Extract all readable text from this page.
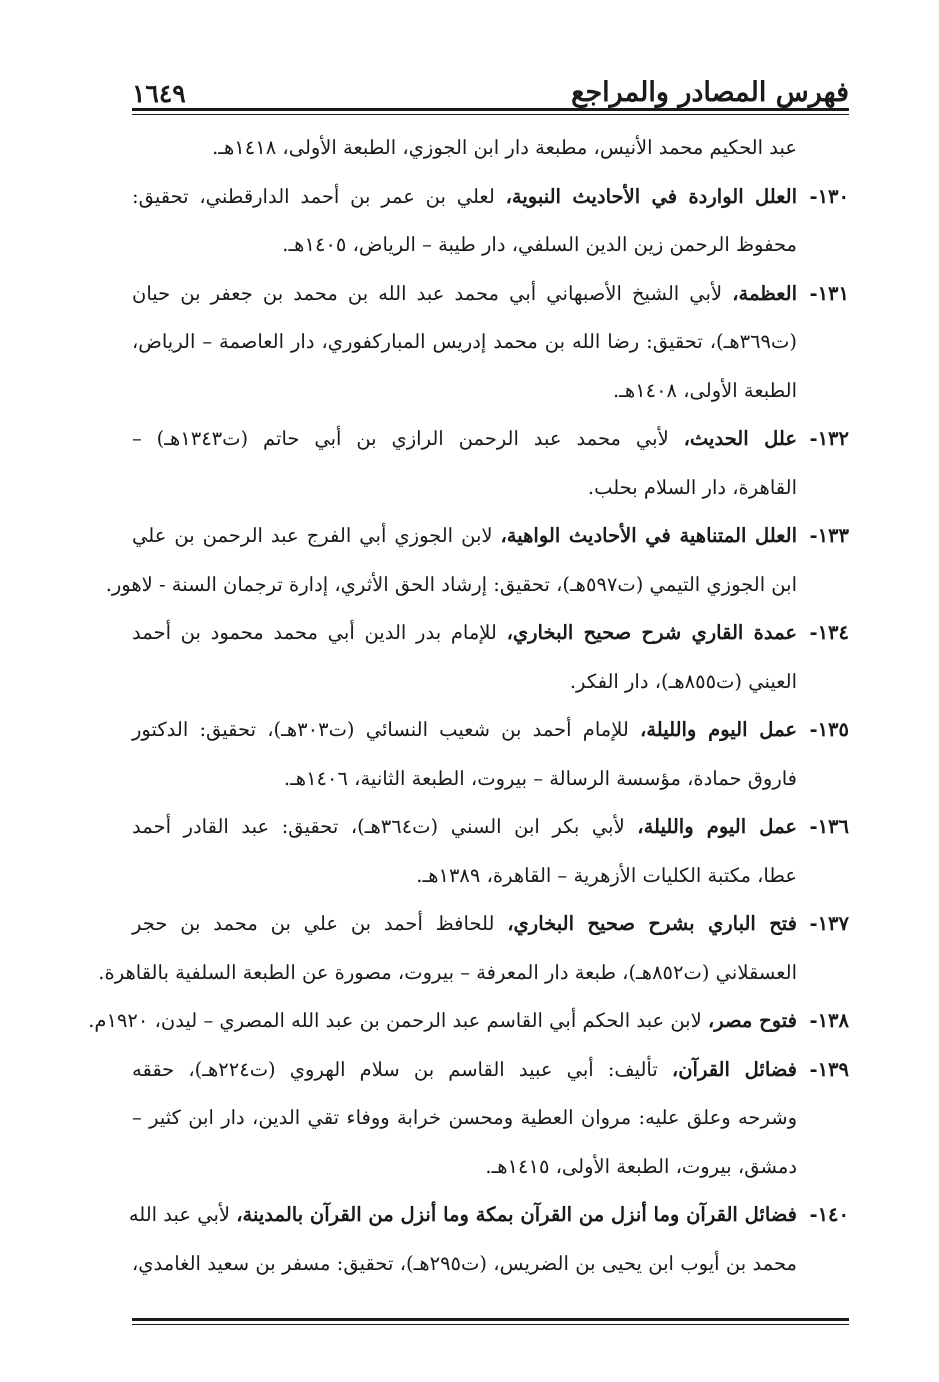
فهرس المصادر والمراجع
١٦٤٩
عبد الحكيم محمد الأنيس، مطبعة دار ابن الجوزي، الطبعة الأولى، ١٤١٨هـ.
١٣٠-
العلل الواردة في الأحاديث النبوية، لعلي بن عمر بن أحمد الدارقطني، تحقيق:
محفوظ الرحمن زين الدين السلفي، دار طيبة – الرياض، ١٤٠٥هـ.
١٣١-
العظمة، لأبي الشيخ الأصبهاني أبي محمد عبد الله بن محمد بن جعفر بن حيان
(ت٣٦٩هـ)، تحقيق: رضا الله بن محمد إدريس المباركفوري، دار العاصمة – الرياض،
الطبعة الأولى، ١٤٠٨هـ.
١٣٢-
علل الحديث، لأبي محمد عبد الرحمن الرازي بن أبي حاتم (ت١٣٤٣هـ) –
القاهرة، دار السلام بحلب.
١٣٣-
العلل المتناهية في الأحاديث الواهية، لابن الجوزي أبي الفرج عبد الرحمن بن علي
ابن الجوزي التيمي (ت٥٩٧هـ)، تحقيق: إرشاد الحق الأثري، إدارة ترجمان السنة - لاهور.
١٣٤-
عمدة القاري شرح صحيح البخاري، للإمام بدر الدين أبي محمد محمود بن أحمد
العيني (ت٨٥٥هـ)، دار الفكر.
١٣٥-
عمل اليوم والليلة، للإمام أحمد بن شعيب النسائي (ت٣٠٣هـ)، تحقيق: الدكتور
فاروق حمادة، مؤسسة الرسالة – بيروت، الطبعة الثانية، ١٤٠٦هـ.
١٣٦-
عمل اليوم والليلة، لأبي بكر ابن السني (ت٣٦٤هـ)، تحقيق: عبد القادر أحمد
عطا، مكتبة الكليات الأزهرية – القاهرة، ١٣٨٩هـ.
١٣٧-
فتح الباري بشرح صحيح البخاري، للحافظ أحمد بن علي بن محمد بن حجر
العسقلاني (ت٨٥٢هـ)، طبعة دار المعرفة – بيروت، مصورة عن الطبعة السلفية بالقاهرة.
١٣٨-
فتوح مصر، لابن عبد الحكم أبي القاسم عبد الرحمن بن عبد الله المصري – ليدن، ١٩٢٠م.
١٣٩-
فضائل القرآن، تأليف: أبي عبيد القاسم بن سلام الهروي (ت٢٢٤هـ)، حققه
وشرحه وعلق عليه: مروان العطية ومحسن خرابة ووفاء تقي الدين، دار ابن كثير –
دمشق، بيروت، الطبعة الأولى، ١٤١٥هـ.
١٤٠-
فضائل القرآن وما أنزل من القرآن بمكة وما أنزل من القرآن بالمدينة، لأبي عبد الله
محمد بن أيوب ابن يحيى بن الضريس، (ت٢٩٥هـ)، تحقيق: مسفر بن سعيد الغامدي،
